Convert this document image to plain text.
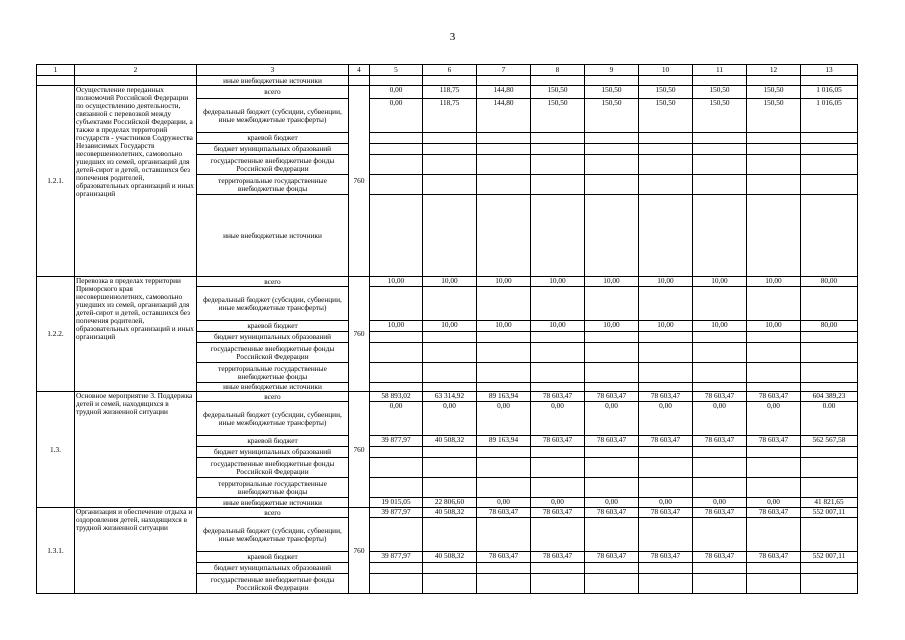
3
1	2	3	4	5	6	7	8	9	10	11	12	13
		иные внебюджетные источники										
1.2.1.	Осуществление переданных полномочий Российской Федерации по осуществлению деятельности, связанной с перевозкой между субъектами Российской Федерации, а также в пределах территорий государств - участников Содружества Независимых Государств несовершеннолетних, самовольно ушедших из семей, организаций для детей-сирот и детей, оставшихся без попечения родителей, образовательных организаций и иных организаций	всего	760	0,00	118,75	144,80	150,50	150,50	150,50	150,50	150,50	1 016,05
		федеральный бюджет (субсидии, субвенции, иные межбюджетные трансферты)		0,00	118,75	144,80	150,50	150,50	150,50	150,50	150,50	1 016,05
		краевой бюджет										
		бюджет муниципальных образований										
		государственные внебюджетные фонды Российской Федерации										
		территориальные государственные внебюджетные фонды										
		иные внебюджетные источники										
1.2.2.	Перевозка в пределах территории Приморского края несовершеннолетних, самовольно ушедших из семей, организаций для детей-сирот и детей, оставшихся без попечения родителей, образовательных организаций и иных организаций	всего	760	10,00	10,00	10,00	10,00	10,00	10,00	10,00	10,00	80,00
		федеральный бюджет (субсидии, субвенции, иные межбюджетные трансферты)										
		краевой бюджет		10,00	10,00	10,00	10,00	10,00	10,00	10,00	10,00	80,00
		бюджет муниципальных образований										
		государственные внебюджетные фонды Российской Федерации										
		территориальные государственные внебюджетные фонды										
		иные внебюджетные источники										
1.3.	Основное мероприятие 3. Поддержка детей и семей, находящихся в трудной жизненной ситуации	всего	760	58 893,02	63 314,92	89 163,94	78 603,47	78 603,47	78 603,47	78 603,47	78 603,47	604 389,23
		федеральный бюджет (субсидии, субвенции, иные межбюджетные трансферты)		0,00	0,00	0,00	0,00	0,00	0,00	0,00	0,00	0.00
		краевой бюджет		39 877,97	40 508,32	89 163,94	78 603,47	78 603,47	78 603,47	78 603,47	78 603,47	562 567,58
		бюджет муниципальных образований										
		государственные внебюджетные фонды Российской Федерации										
		территориальные государственные внебюджетные фонды										
		иные внебюджетные источники		19 015,05	22 806,60	0,00	0,00	0,00	0,00	0,00	0,00	41 821,65
1.3.1.	Организация и обеспечение отдыха и оздоровления детей, находящихся в трудной жизненной ситуации	всего	760	39 877,97	40 508,32	78 603,47	78 603,47	78 603,47	78 603,47	78 603,47	78 603,47	552 007,11
		федеральный бюджет (субсидии, субвенции, иные межбюджетные трансферты)										
		краевой бюджет		39 877,97	40 508,32	78 603,47	78 603,47	78 603,47	78 603,47	78 603,47	78 603,47	552 007,11
		бюджет муниципальных образований										
		государственные внебюджетные фонды Российской Федерации										
